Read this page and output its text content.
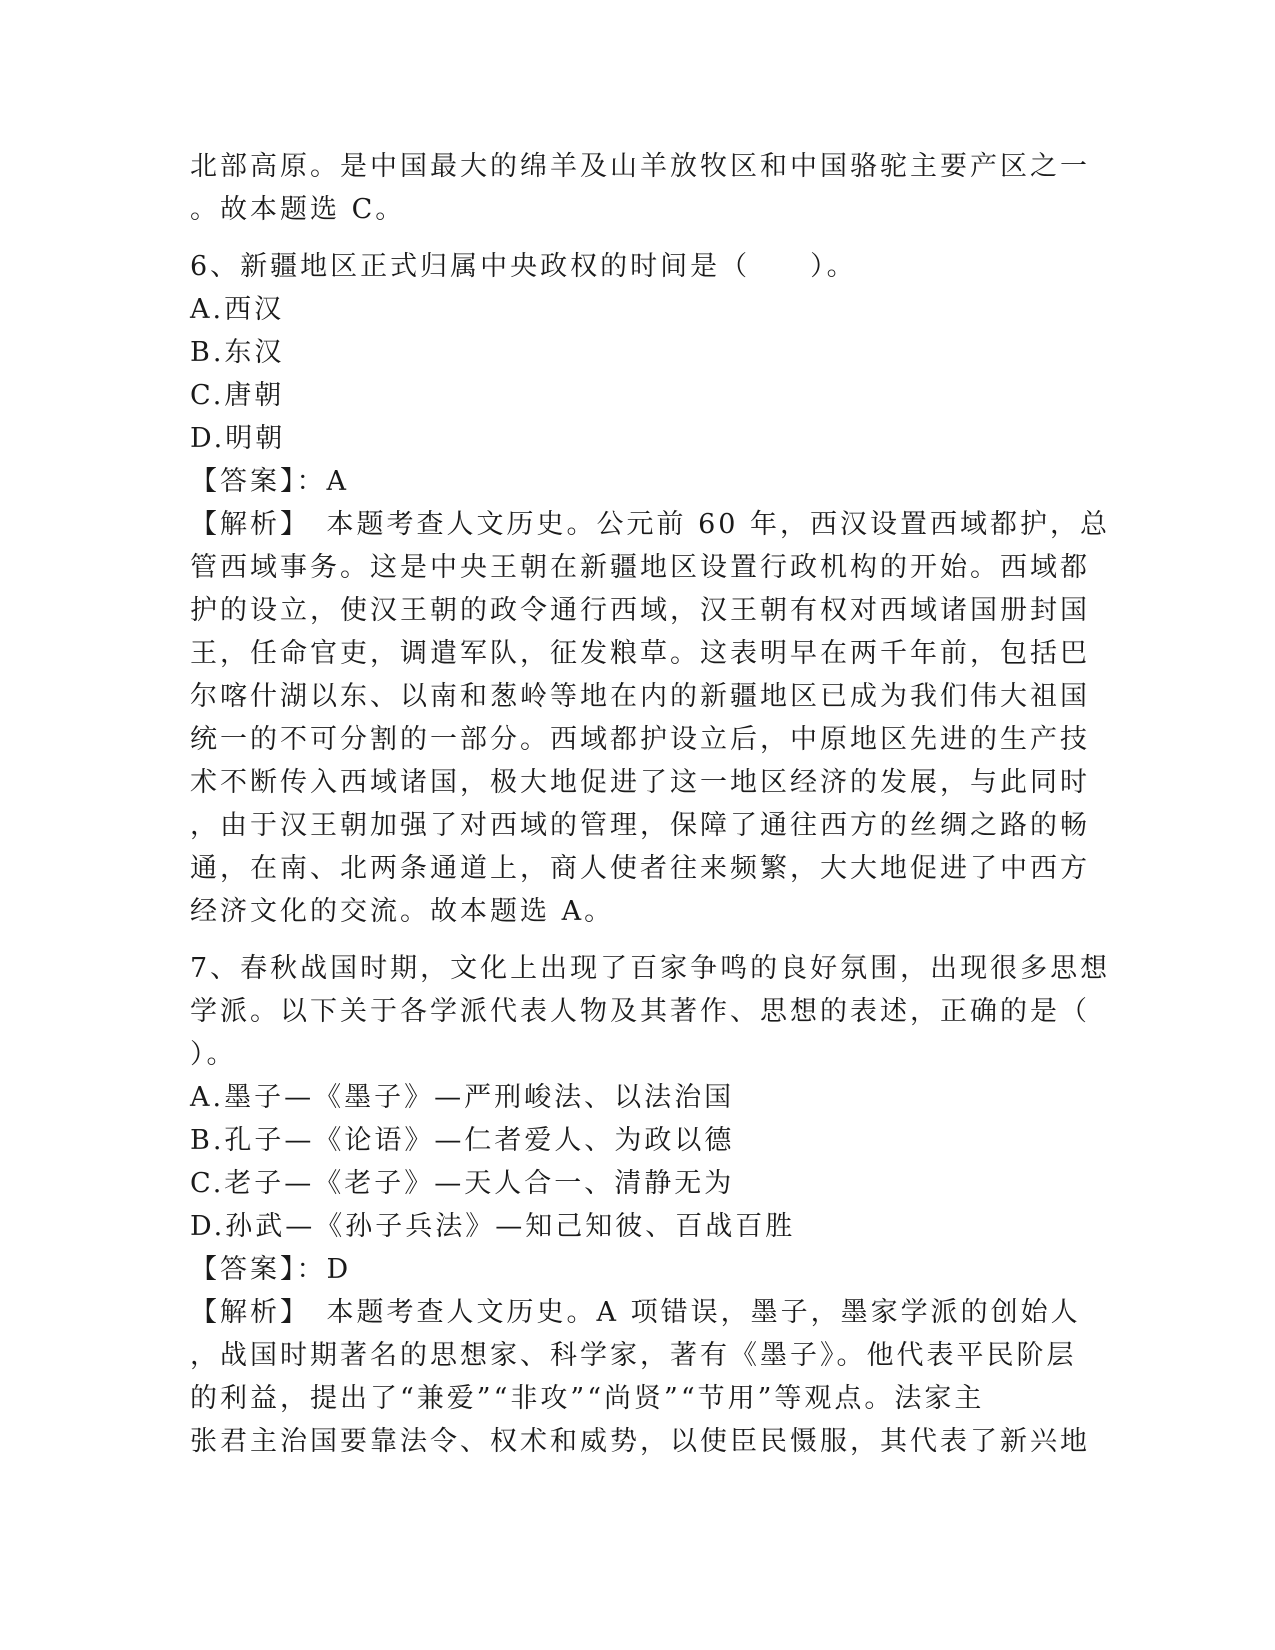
北部高原。是中国最大的绵羊及山羊放牧区和中国骆驼主要产区之一
。故本题选 C。
6、新疆地区正式归属中央政权的时间是（　　）。
A.西汉
B.东汉
C.唐朝
D.明朝
【答案】：A
【解析】　本题考查人文历史。公元前 60 年，西汉设置西域都护，总
管西域事务。这是中央王朝在新疆地区设置行政机构的开始。西域都
护的设立，使汉王朝的政令通行西域，汉王朝有权对西域诸国册封国
王，任命官吏，调遣军队，征发粮草。这表明早在两千年前，包括巴
尔喀什湖以东、以南和葱岭等地在内的新疆地区已成为我们伟大祖国
统一的不可分割的一部分。西域都护设立后，中原地区先进的生产技
术不断传入西域诸国，极大地促进了这一地区经济的发展，与此同时
，由于汉王朝加强了对西域的管理，保障了通往西方的丝绸之路的畅
通，在南、北两条通道上，商人使者往来频繁，大大地促进了中西方
经济文化的交流。故本题选 A。
7、春秋战国时期，文化上出现了百家争鸣的良好氛围，出现很多思想
学派。以下关于各学派代表人物及其著作、思想的表述，正确的是（
）。
A.墨子—《墨子》—严刑峻法、以法治国
B.孔子—《论语》—仁者爱人、为政以德
C.老子—《老子》—天人合一、清静无为
D.孙武—《孙子兵法》—知己知彼、百战百胜
【答案】：D
【解析】　本题考查人文历史。A 项错误，墨子，墨家学派的创始人
，战国时期著名的思想家、科学家，著有《墨子》。他代表平民阶层
的利益，提出了“兼爱”“非攻”“尚贤”“节用”等观点。法家主
张君主治国要靠法令、权术和威势，以使臣民慑服，其代表了新兴地
